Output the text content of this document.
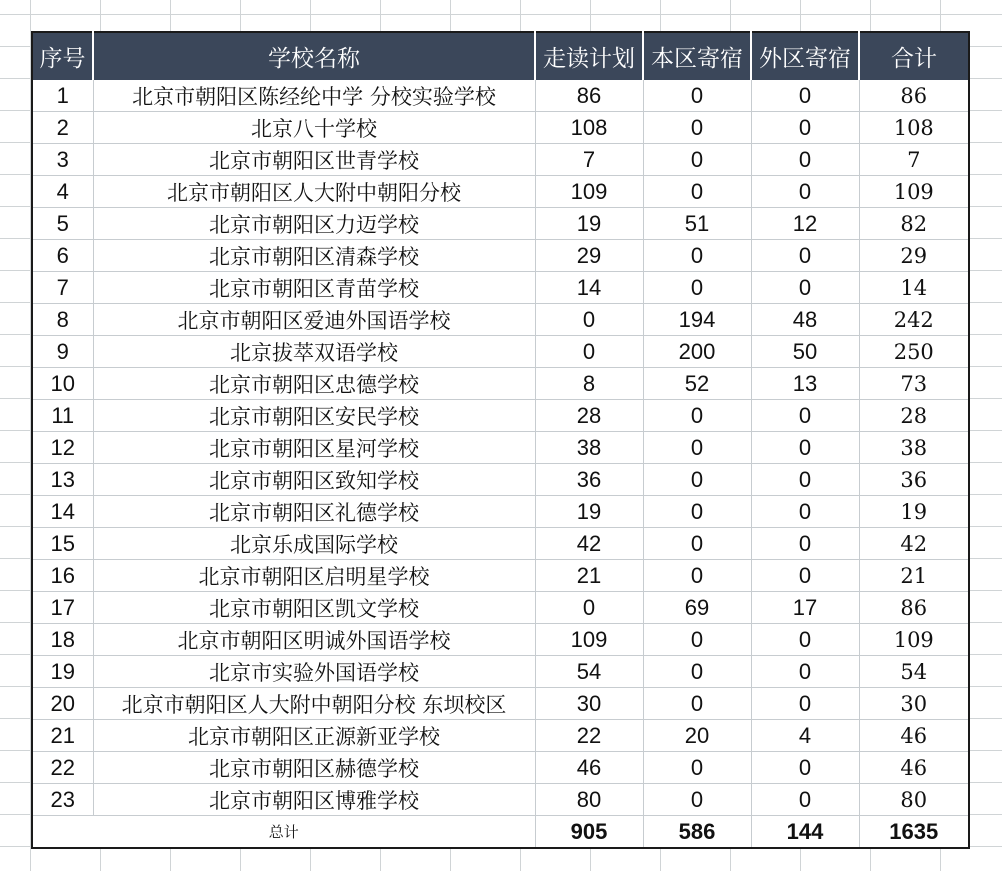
序号	学校名称	走读计划	本区寄宿	外区寄宿	合计
1	北京市朝阳区陈经纶中学 分校实验学校	86	0	0	86
2	北京八十学校	108	0	0	108
3	北京市朝阳区世青学校	7	0	0	7
4	北京市朝阳区人大附中朝阳分校	109	0	0	109
5	北京市朝阳区力迈学校	19	51	12	82
6	北京市朝阳区清森学校	29	0	0	29
7	北京市朝阳区青苗学校	14	0	0	14
8	北京市朝阳区爱迪外国语学校	0	194	48	242
9	北京拔萃双语学校	0	200	50	250
10	北京市朝阳区忠德学校	8	52	13	73
11	北京市朝阳区安民学校	28	0	0	28
12	北京市朝阳区星河学校	38	0	0	38
13	北京市朝阳区致知学校	36	0	0	36
14	北京市朝阳区礼德学校	19	0	0	19
15	北京乐成国际学校	42	0	0	42
16	北京市朝阳区启明星学校	21	0	0	21
17	北京市朝阳区凯文学校	0	69	17	86
18	北京市朝阳区明诚外国语学校	109	0	0	109
19	北京市实验外国语学校	54	0	0	54
20	北京市朝阳区人大附中朝阳分校 东坝校区	30	0	0	30
21	北京市朝阳区正源新亚学校	22	20	4	46
22	北京市朝阳区赫德学校	46	0	0	46
23	北京市朝阳区博雅学校	80	0	0	80
总计		905	586	144	1635
